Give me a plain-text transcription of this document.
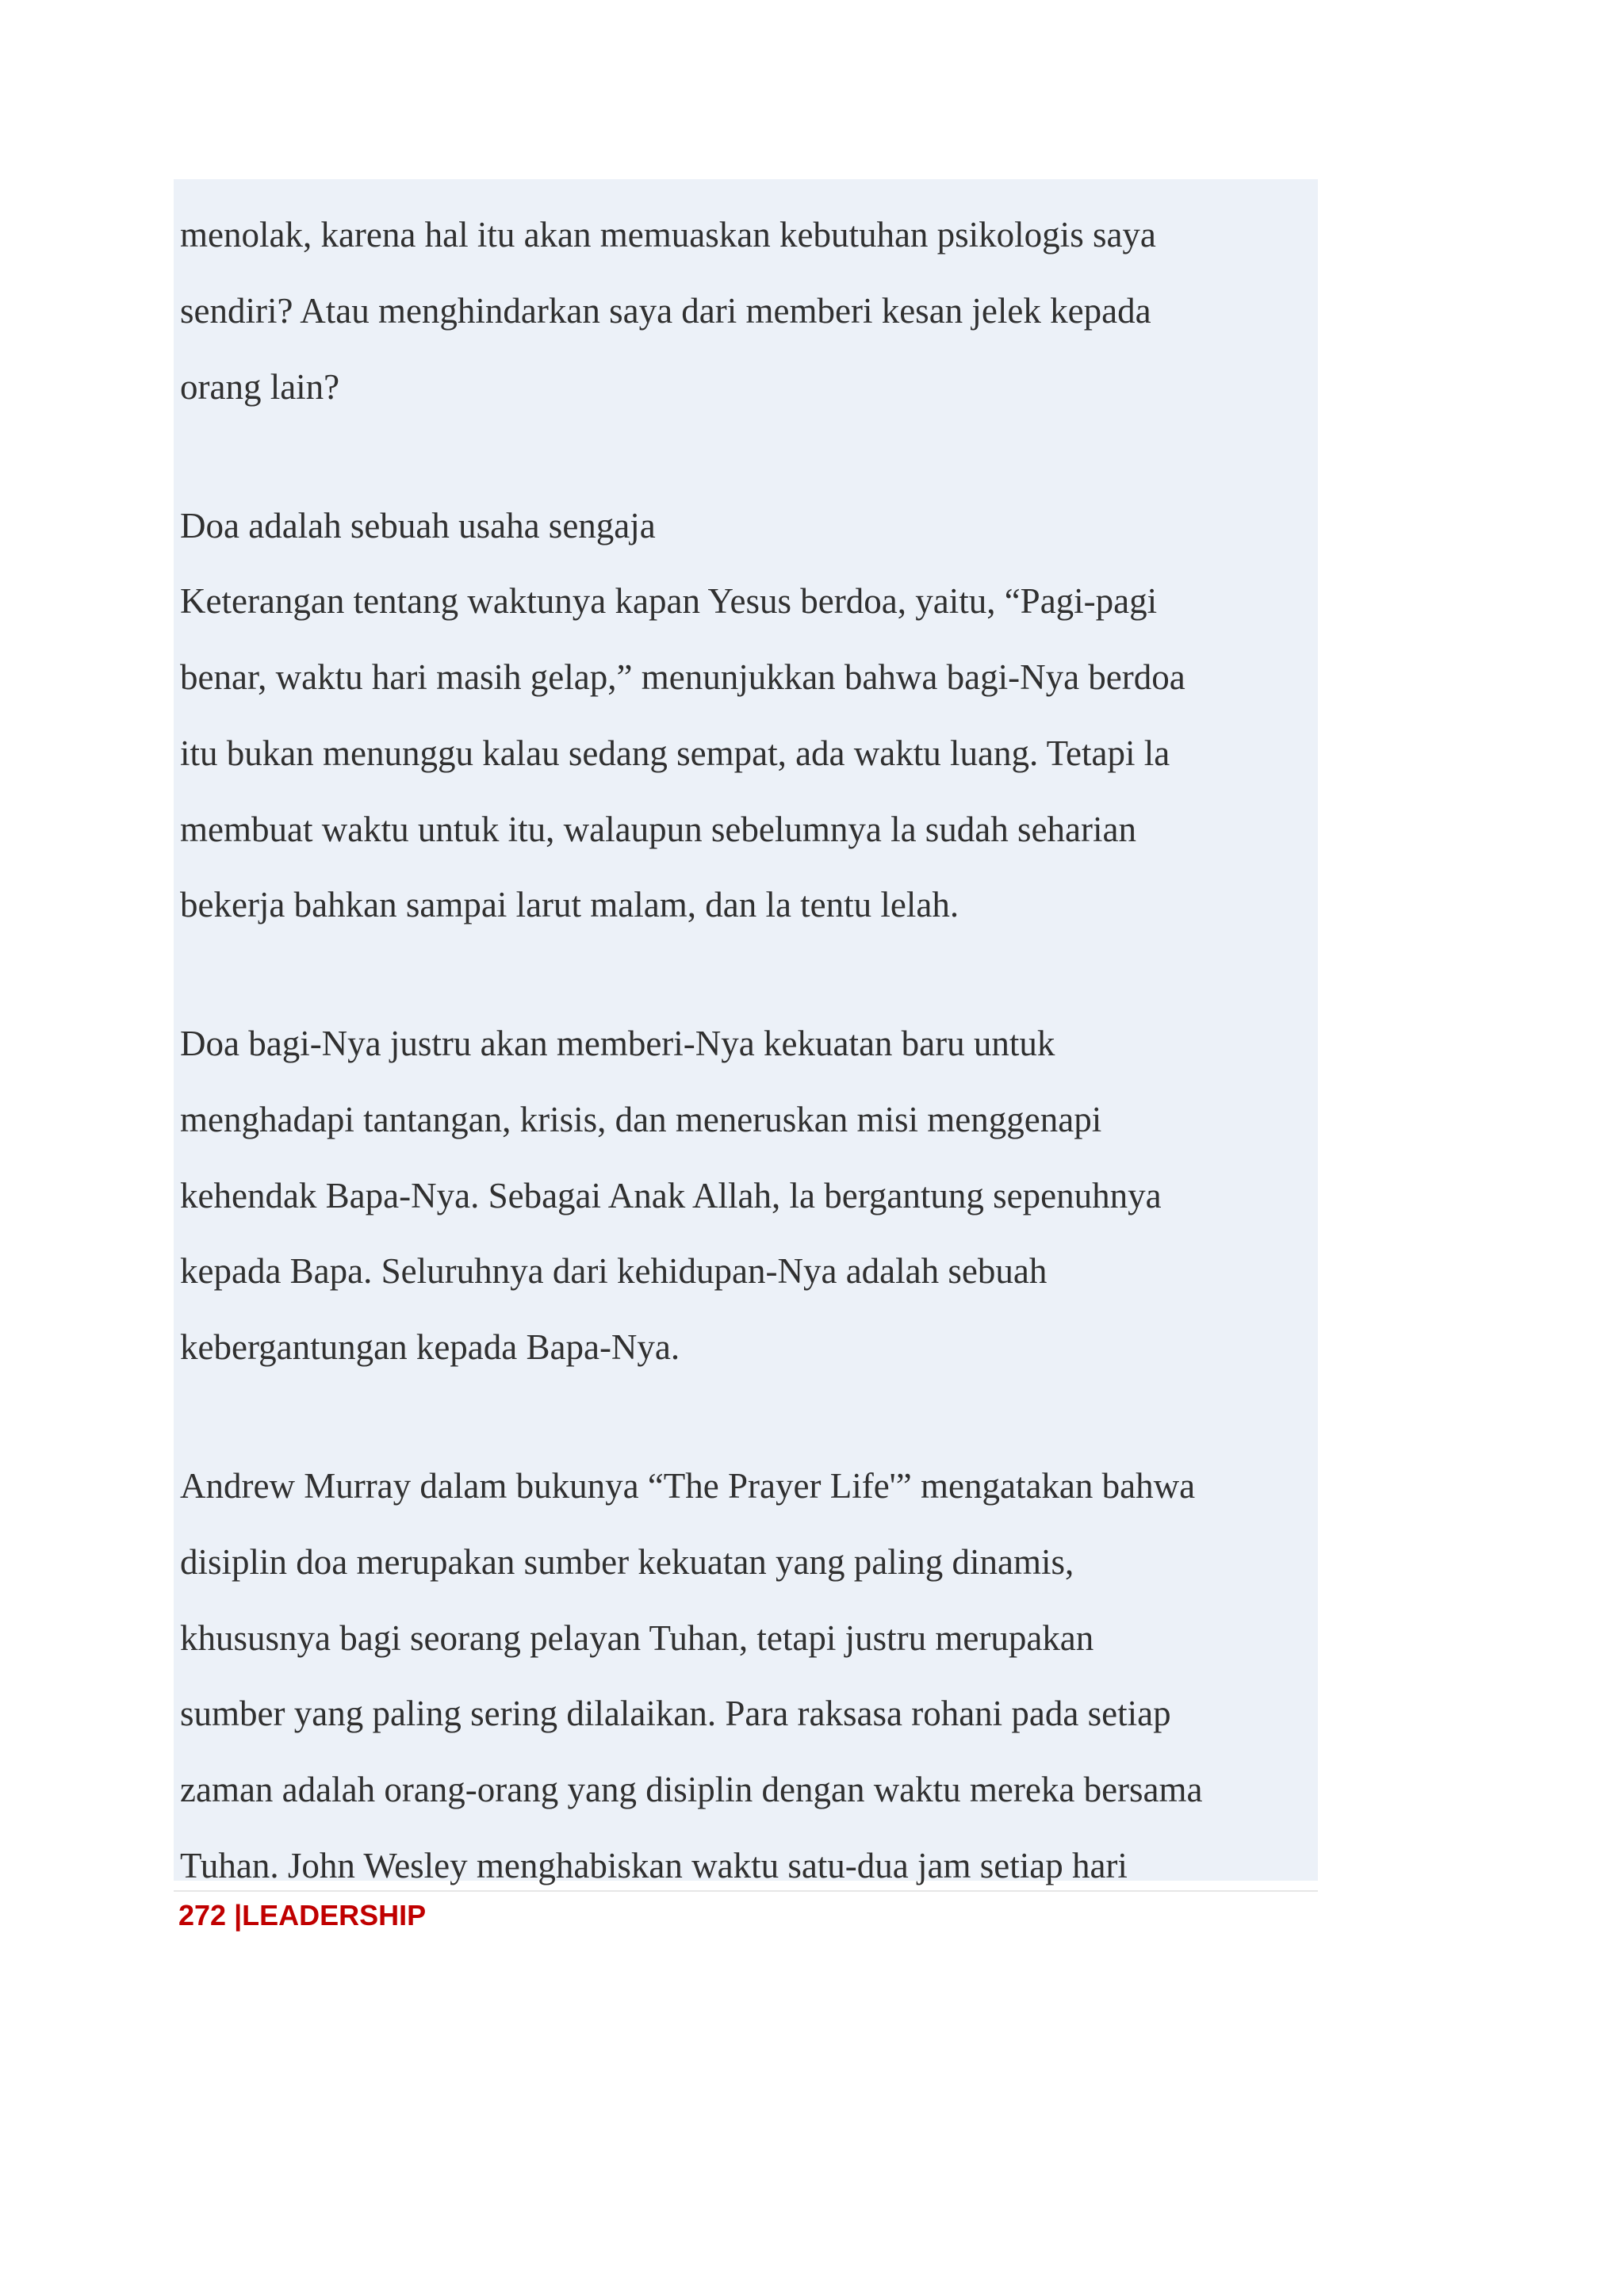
menolak, karena hal itu akan memuaskan kebutuhan psikologis saya

sendiri? Atau menghindarkan saya dari memberi kesan jelek kepada

orang lain?

Doa adalah sebuah usaha sengaja

Keterangan tentang waktunya kapan Yesus berdoa, yaitu, “Pagi-pagi

benar, waktu hari masih gelap,” menunjukkan bahwa bagi-Nya berdoa

itu bukan menunggu kalau sedang sempat, ada waktu luang. Tetapi la

membuat waktu untuk itu, walaupun sebelumnya la sudah seharian

bekerja bahkan sampai larut malam, dan la tentu lelah.

Doa bagi-Nya justru akan memberi-Nya kekuatan baru untuk

menghadapi tantangan, krisis, dan meneruskan misi menggenapi

kehendak Bapa-Nya. Sebagai Anak Allah, la bergantung sepenuhnya

kepada Bapa. Seluruhnya dari kehidupan-Nya adalah sebuah

kebergantungan kepada Bapa-Nya.

Andrew Murray dalam bukunya “The Prayer Life'” mengatakan bahwa

disiplin doa merupakan sumber kekuatan yang paling dinamis,

khususnya bagi seorang pelayan Tuhan, tetapi justru merupakan

sumber yang paling sering dilalaikan. Para raksasa rohani pada setiap

zaman adalah orang-orang yang disiplin dengan waktu mereka bersama

Tuhan. John Wesley menghabiskan waktu satu-dua jam setiap hari

272 |LEADERSHIP
